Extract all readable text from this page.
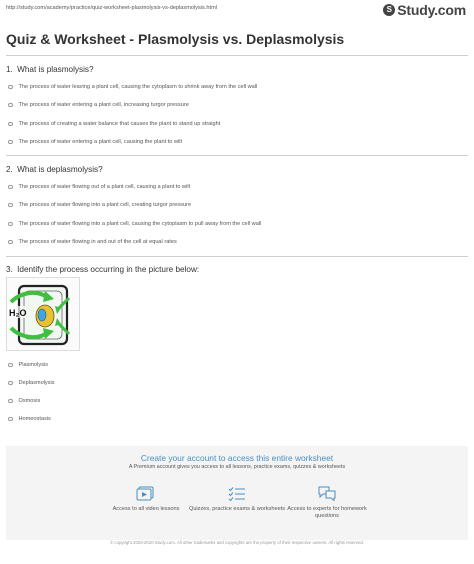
http://study.com/academy/practice/quiz-worksheet-plasmolysis-vs-deplasmolysis.html	S Study.com
Quiz & Worksheet - Plasmolysis vs. Deplasmolysis
1. What is plasmolysis?
The process of water leaving a plant cell, causing the cytoplasm to shrink away from the cell wall
The process of water entering a plant cell, increasing turgor pressure
The process of creating a water balance that causes the plant to stand up straight
The process of water entering a plant cell, causing the plant to wilt
2. What is deplasmolysis?
The process of water flowing out of a plant cell, causing a plant to wilt
The process of water flowing into a plant cell, creating turgor pressure
The process of water flowing into a plant cell, causing the cytoplasm to pull away from the cell wall
The process of water flowing in and out of the cell at equal rates
3. Identify the process occurring in the picture below:
H₂O
Plasmolysis
Deplasmolysis
Osmosis
Homeostasis
Create your account to access this entire worksheet
A Premium account gives you access to all lessons, practice exams, quizzes & worksheets
Access to all video lessons	Quizzes, practice exams & worksheets Access to experts for homework questions
© copyright 2003-2020 Study.com. All other trademarks and copyrights are the property of their respective owners. All rights reserved.
